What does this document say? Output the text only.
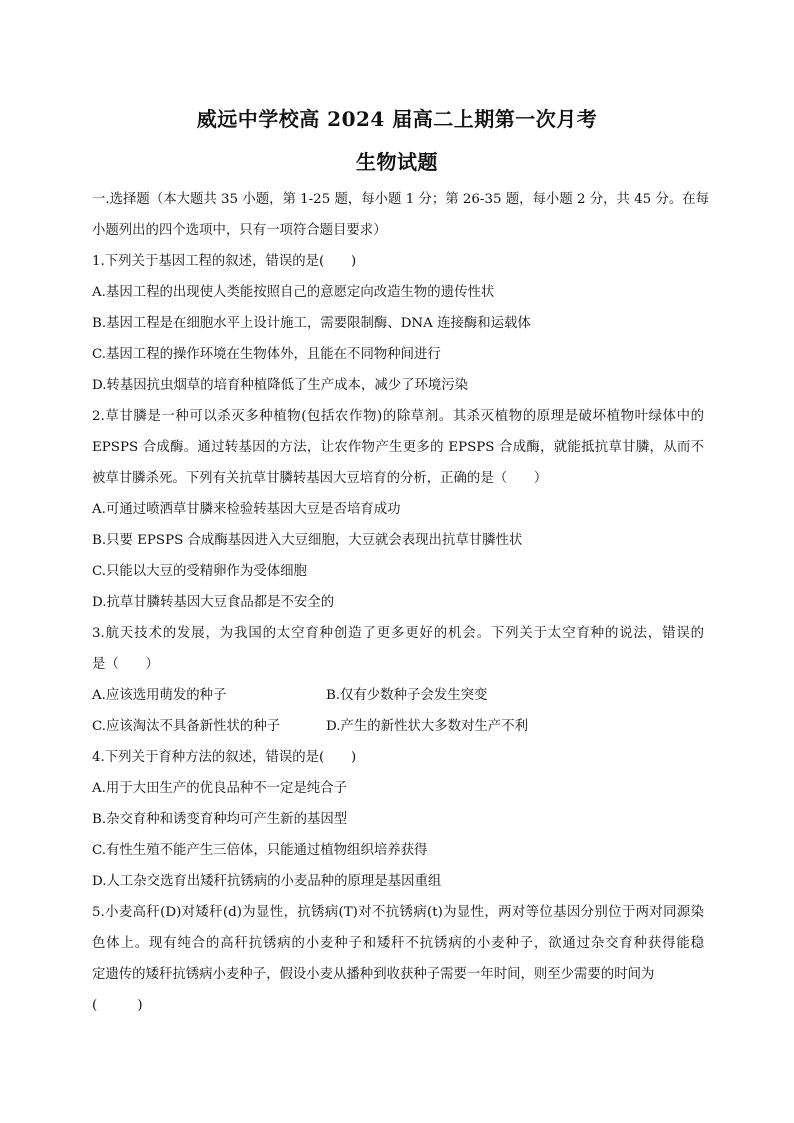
威远中学校高 2024 届高二上期第一次月考
生物试题
一.选择题（本大题共 35 小题，第 1-25 题，每小题 1 分；第 26-35 题，每小题 2 分，共 45 分。在每
小题列出的四个选项中，只有一项符合题目要求）
1.下列关于基因工程的叙述，错误的是(　　)
A.基因工程的出现使人类能按照自己的意愿定向改造生物的遗传性状
B.基因工程是在细胞水平上设计施工，需要限制酶、DNA 连接酶和运载体
C.基因工程的操作环境在生物体外，且能在不同物种间进行
D.转基因抗虫烟草的培育种植降低了生产成本，减少了环境污染
2.草甘膦是一种可以杀灭多种植物(包括农作物)的除草剂。其杀灭植物的原理是破坏植物叶绿体中的
EPSPS 合成酶。通过转基因的方法，让农作物产生更多的 EPSPS 合成酶，就能抵抗草甘膦，从而不
被草甘膦杀死。下列有关抗草甘膦转基因大豆培育的分析，正确的是（　　）
A.可通过喷洒草甘膦来检验转基因大豆是否培育成功
B.只要 EPSPS 合成酶基因进入大豆细胞，大豆就会表现出抗草甘膦性状
C.只能以大豆的受精卵作为受体细胞
D.抗草甘膦转基因大豆食品都是不安全的
3.航天技术的发展，为我国的太空育种创造了更多更好的机会。下列关于太空育种的说法，错误的
是（　　）
A.应该选用萌发的种子	B.仅有少数种子会发生突变
C.应该淘汰不具备新性状的种子	D.产生的新性状大多数对生产不利
4.下列关于育种方法的叙述，错误的是(　　)
A.用于大田生产的优良品种不一定是纯合子
B.杂交育种和诱变育种均可产生新的基因型
C.有性生殖不能产生三倍体，只能通过植物组织培养获得
D.人工杂交选育出矮秆抗锈病的小麦品种的原理是基因重组
5.小麦高秆(D)对矮秆(d)为显性，抗锈病(T)对不抗锈病(t)为显性，两对等位基因分别位于两对同源染
色体上。现有纯合的高秆抗锈病的小麦种子和矮秆不抗锈病的小麦种子，欲通过杂交育种获得能稳
定遗传的矮秆抗锈病小麦种子，假设小麦从播种到收获种子需要一年时间，则至少需要的时间为
(　　　)
